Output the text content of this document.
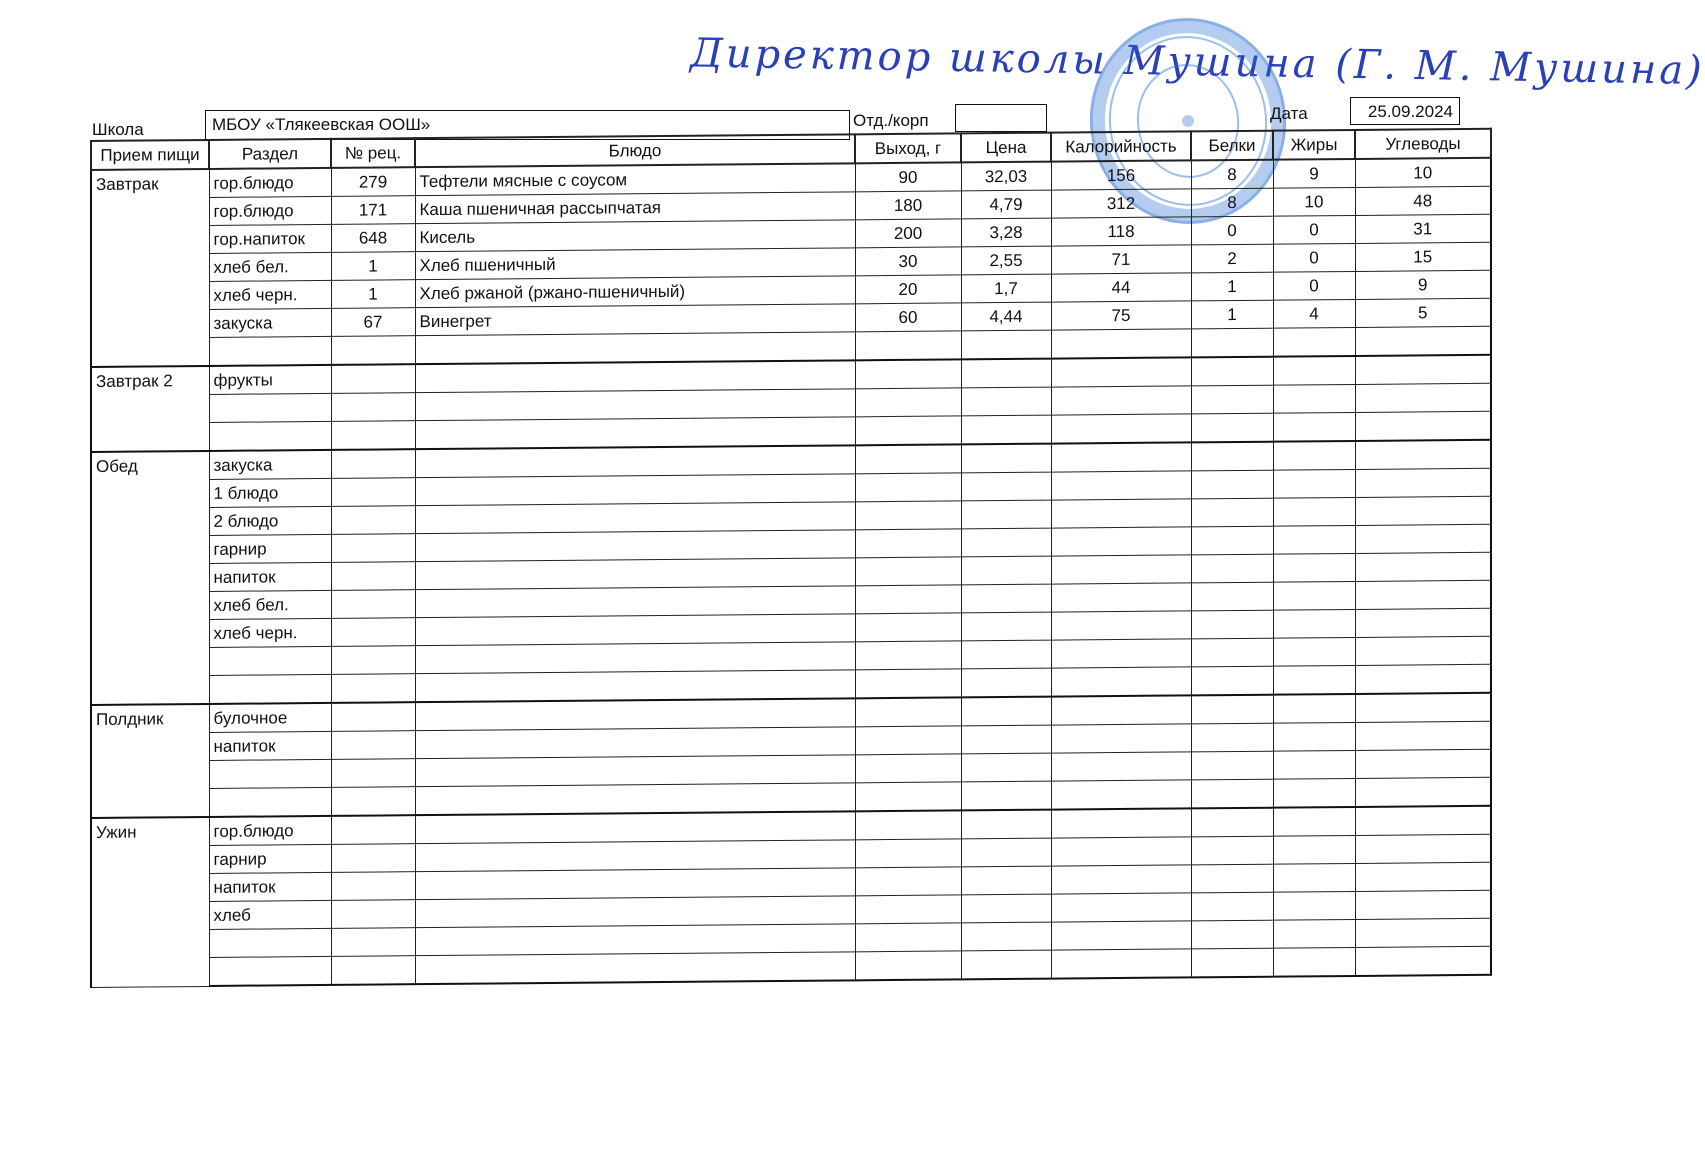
Директор школы Мушина (Г. М. Мушина)
Школа	МБОУ «Тлякеевская ООШ»	Отд./корп	Дата	25.09.2024
Прием пищи	Раздел	№ рец.	Блюдо	Выход, г	Цена	Калорийность	Белки	Жиры	Углеводы
Завтрак	гор.блюдо	279	Тефтели мясные с соусом	90	32,03	156	8	9	10
	гор.блюдо	171	Каша пшеничная рассыпчатая	180	4,79	312	8	10	48
	гор.напиток	648	Кисель	200	3,28	118	0	0	31
	хлеб бел.	1	Хлеб пшеничный	30	2,55	71	2	0	15
	хлеб черн.	1	Хлеб ржаной (ржано-пшеничный)	20	1,7	44	1	0	9
	закуска	67	Винегрет	60	4,44	75	1	4	5

Завтрак 2	фрукты								

Обед	закуска								
	1 блюдо								
	2 блюдо								
	гарнир								
	напиток								
	хлеб бел.								
	хлеб черн.								

Полдник	булочное								
	напиток								

Ужин	гор.блюдо								
	гарнир								
	напиток								
	хлеб								
